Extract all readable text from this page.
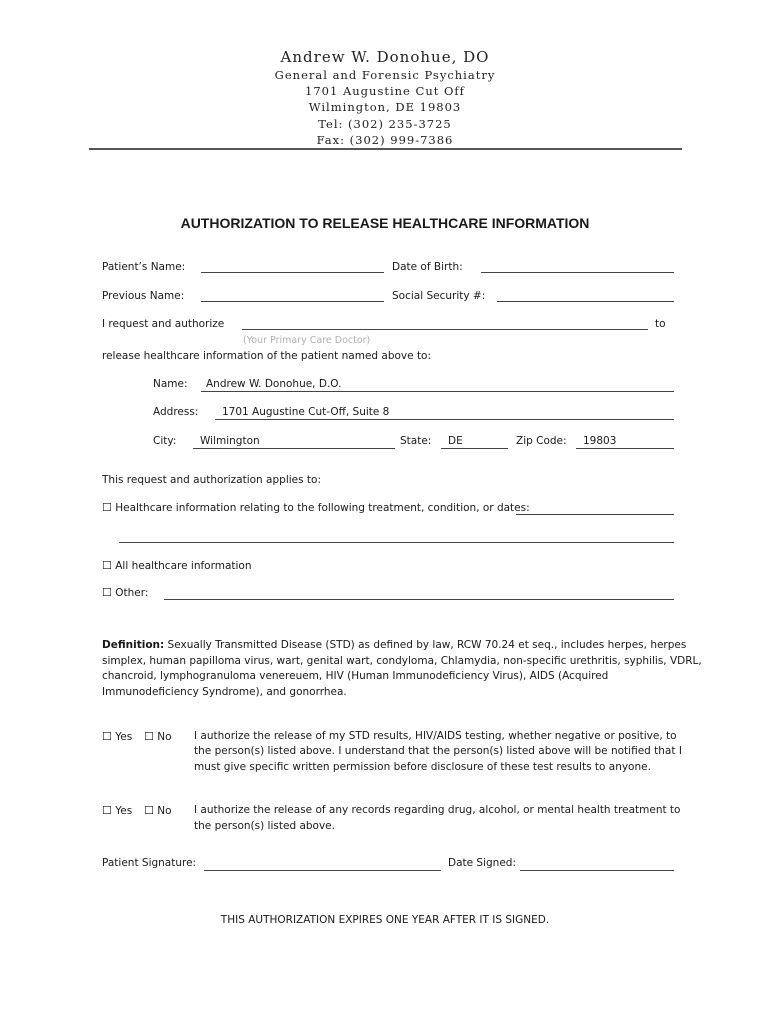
Andrew W. Donohue, DO
General and Forensic Psychiatry
1701 Augustine Cut Off
Wilmington, DE 19803
Tel: (302) 235-3725
Fax: (302) 999-7386
AUTHORIZATION TO RELEASE HEALTHCARE INFORMATION
Patient’s Name:	Date of Birth:
Previous Name:	Social Security #:
I request and authorize	to
(Your Primary Care Doctor)
release healthcare information of the patient named above to:
Name: Andrew W. Donohue, D.O.
Address: 1701 Augustine Cut-Off, Suite 8
City: Wilmington	State: DE	Zip Code: 19803
This request and authorization applies to:
☐ Healthcare information relating to the following treatment, condition, or dates:
☐ All healthcare information
☐ Other:
Definition: Sexually Transmitted Disease (STD) as defined by law, RCW 70.24 et seq., includes herpes, herpes
simplex, human papilloma virus, wart, genital wart, condyloma, Chlamydia, non-specific urethritis, syphilis, VDRL,
chancroid, lymphogranuloma venereuem, HIV (Human Immunodeficiency Virus), AIDS (Acquired
Immunodeficiency Syndrome), and gonorrhea.
☐ Yes ☐ No I authorize the release of my STD results, HIV/AIDS testing, whether negative or positive, to
the person(s) listed above. I understand that the person(s) listed above will be notified that I
must give specific written permission before disclosure of these test results to anyone.
☐ Yes ☐ No I authorize the release of any records regarding drug, alcohol, or mental health treatment to
the person(s) listed above.
Patient Signature:	Date Signed:
THIS AUTHORIZATION EXPIRES ONE YEAR AFTER IT IS SIGNED.
